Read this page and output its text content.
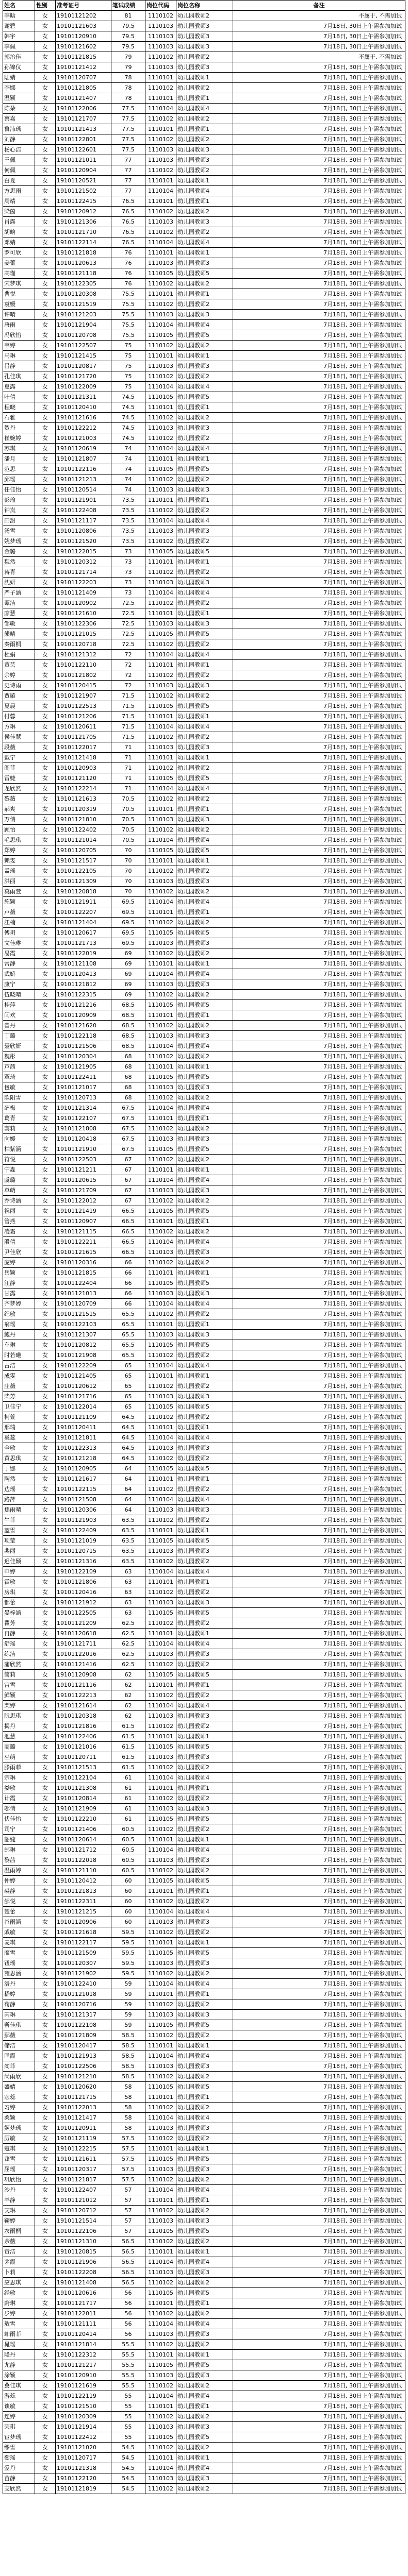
姓名	性别	准考证号	笔试成绩	岗位代码	岗位名称	备注
李晗	女	19101121202	81	1110102	幼儿园教师2	不属于, 不需加试
谢碧	女	19101121603	79.5	1110103	幼儿园教师3	7月18日, 30日上午需参加加试
韩宇	女	19101120910	79.5	1110103	幼儿园教师3	7月18日, 30日上午需参加加试
李佩	女	19101121602	79.5	1110103	幼儿园教师3	7月18日, 30日上午需参加加试
郭治佳	女	19101121815	79	1110102	幼儿园教师2	不属于, 不需加试
孙锦仪	女	19101121412	79	1110103	幼儿园教师3	7月18日, 30日上午需参加加试
陆婧	女	19101120707	78	1110101	幼儿园教师1	7月18日, 30日上午需参加加试
李娜	女	19101121805	78	1110102	幼儿园教师2	7月18日, 30日上午需参加加试
温颖	女	19101121407	78	1110101	幼儿园教师1	7月18日, 30日上午需参加加试
陈朵	女	19101122006	77.5	1110104	幼儿园教师4	7月18日, 30日上午需参加加试
蔡嘉	女	19101121707	77.5	1110102	幼儿园教师2	7月18日, 30日上午需参加加试
鲁沛瑶	女	19101121413	77.5	1110101	幼儿园教师1	7月18日, 30日上午需参加加试
刘静	女	19101122801	77.5	1110102	幼儿园教师2	7月18日, 30日上午需参加加试
杨心洁	女	19101122601	77.5	1110103	幼儿园教师3	7月18日, 30日上午需参加加试
王佩	女	19101121011	77	1110103	幼儿园教师3	7月18日, 30日上午需参加加试
何佩	女	19101120904	77	1110102	幼儿园教师2	7月18日, 30日上午需参加加试
白夏	女	19101120521	77	1110101	幼儿园教师1	7月18日, 30日上午需参加加试
方思雨	女	19101121502	77	1110104	幼儿园教师4	7月18日, 30日上午需参加加试
周靖	女	19101122415	76.5	1110101	幼儿园教师1	7月18日, 30日上午需参加加试
梁茵	女	19101120912	76.5	1110102	幼儿园教师2	7月18日, 30日上午需参加加试
肖露	女	19101121306	76.5	1110103	幼儿园教师3	7月18日, 30日上午需参加加试
胡晗	女	19101121710	76.5	1110102	幼儿园教师2	7月18日, 30日上午需参加加试
邓婧	女	19101122114	76.5	1110104	幼儿园教师4	7月18日, 30日上午需参加加试
罗可欣	女	19101121818	76	1110101	幼儿园教师1	7月18日, 30日上午需参加加试
姜蕾	女	19101120613	76	1110103	幼儿园教师3	7月18日, 30日上午需参加加试
高瑾	女	19101121118	76	1110105	幼儿园教师5	7月18日, 30日上午需参加加试
宋梦琪	女	19101122305	76	1110102	幼儿园教师2	7月18日, 30日上午需参加加试
曹悦	女	19101120308	75.5	1110101	幼儿园教师1	7月18日, 30日上午需参加加试
袁媛	女	19101121519	75.5	1110102	幼儿园教师2	7月18日, 30日上午需参加加试
许晴	女	19101121203	75.5	1110103	幼儿园教师3	7月18日, 30日上午需参加加试
唐雨	女	19101121904	75.5	1110104	幼儿园教师4	7月18日, 30日上午需参加加试
冯欣怡	女	19101120708	75.5	1110105	幼儿园教师5	7月18日, 30日上午需参加加试
韦婷	女	19101122507	75	1110102	幼儿园教师2	7月18日, 30日上午需参加加试
马琳	女	19101121415	75	1110101	幼儿园教师1	7月18日, 30日上午需参加加试
吕静	女	19101120817	75	1110103	幼儿园教师3	7月18日, 30日上午需参加加试
孔佳琪	女	19101121720	75	1110102	幼儿园教师2	7月18日, 30日上午需参加加试
夏露	女	19101122009	75	1110104	幼儿园教师4	7月18日, 30日上午需参加加试
叶倩	女	19101121311	74.5	1110105	幼儿园教师5	7月18日, 30日上午需参加加试
程晓	女	19101120410	74.5	1110101	幼儿园教师1	7月18日, 30日上午需参加加试
石雅	女	19101121616	74.5	1110102	幼儿园教师2	7月18日, 30日上午需参加加试
贺丹	女	19101122212	74.5	1110103	幼儿园教师3	7月18日, 30日上午需参加加试
崔婉婷	女	19101121003	74.5	1110102	幼儿园教师2	7月18日, 30日上午需参加加试
苏琪	女	19101120619	74	1110104	幼儿园教师4	7月18日, 30日上午需参加加试
潘月	女	19101121807	74	1110101	幼儿园教师1	7月18日, 30日上午需参加加试
范思	女	19101122116	74	1110105	幼儿园教师5	7月18日, 30日上午需参加加试
邱瑶	女	19101121213	74	1110102	幼儿园教师2	7月18日, 30日上午需参加加试
任佳怡	女	19101120514	74	1110103	幼儿园教师3	7月18日, 30日上午需参加加试
彭瑜	女	19101121901	73.5	1110101	幼儿园教师1	7月18日, 30日上午需参加加试
钟岚	女	19101122408	73.5	1110102	幼儿园教师2	7月18日, 30日上午需参加加试
田甜	女	19101121117	73.5	1110104	幼儿园教师4	7月18日, 30日上午需参加加试
汤雪	女	19101120806	73.5	1110103	幼儿园教师3	7月18日, 30日上午需参加加试
姚梦瑶	女	19101121520	73.5	1110102	幼儿园教师2	7月18日, 30日上午需参加加试
金璐	女	19101122015	73	1110105	幼儿园教师5	7月18日, 30日上午需参加加试
魏然	女	19101120312	73	1110101	幼儿园教师1	7月18日, 30日上午需参加加试
蒋青	女	19101121714	73	1110102	幼儿园教师2	7月18日, 30日上午需参加加试
沈妍	女	19101122203	73	1110103	幼儿园教师3	7月18日, 30日上午需参加加试
严子涵	女	19101121409	73	1110104	幼儿园教师4	7月18日, 30日上午需参加加试
谭洁	女	19101120902	72.5	1110102	幼儿园教师2	7月18日, 30日上午需参加加试
廖慧	女	19101121610	72.5	1110101	幼儿园教师1	7月18日, 30日上午需参加加试
邹敏	女	19101122306	72.5	1110103	幼儿园教师3	7月18日, 30日上午需参加加试
熊晴	女	19101121015	72.5	1110105	幼儿园教师5	7月18日, 30日上午需参加加试
秦雨桐	女	19101120718	72.5	1110102	幼儿园教师2	7月18日, 30日上午需参加加试
杜娟	女	19101121312	72	1110104	幼儿园教师4	7月18日, 30日上午需参加加试
董芸	女	19101122110	72	1110101	幼儿园教师1	7月18日, 30日上午需参加加试
余婷	女	19101121802	72	1110102	幼儿园教师2	7月18日, 30日上午需参加加试
史诗雨	女	19101120415	72	1110103	幼儿园教师3	7月18日, 30日上午需参加加试
贾璇	女	19101121907	71.5	1110102	幼儿园教师2	7月18日, 30日上午需参加加试
夏晨	女	19101122513	71.5	1110105	幼儿园教师5	7月18日, 30日上午需参加加试
付蓉	女	19101121206	71.5	1110101	幼儿园教师1	7月18日, 30日上午需参加加试
方琳	女	19101120611	71.5	1110104	幼儿园教师4	7月18日, 30日上午需参加加试
侯佳慧	女	19101121705	71.5	1110102	幼儿园教师2	7月18日, 30日上午需参加加试
段薇	女	19101122017	71	1110103	幼儿园教师3	7月18日, 30日上午需参加加试
戴宁	女	19101121418	71	1110101	幼儿园教师1	7月18日, 30日上午需参加加试
阎菲	女	19101120903	71	1110102	幼儿园教师2	7月18日, 30日上午需参加加试
雷婕	女	19101121120	71	1110105	幼儿园教师5	7月18日, 30日上午需参加加试
龙欣然	女	19101122214	71	1110104	幼儿园教师4	7月18日, 30日上午需参加加试
黎薇	女	19101121613	70.5	1110102	幼儿园教师2	7月18日, 30日上午需参加加试
郝爽	女	19101120319	70.5	1110101	幼儿园教师1	7月18日, 30日上午需参加加试
万倩	女	19101121810	70.5	1110103	幼儿园教师3	7月18日, 30日上午需参加加试
顾怡	女	19101122402	70.5	1110102	幼儿园教师2	7月18日, 30日上午需参加加试
毛思琪	女	19101121014	70.5	1110104	幼儿园教师4	7月18日, 30日上午需参加加试
郑婷	女	19101120705	70	1110105	幼儿园教师5	7月18日, 30日上午需参加加试
赖雯	女	19101121517	70	1110101	幼儿园教师1	7月18日, 30日上午需参加加试
孟瑶	女	19101122105	70	1110102	幼儿园教师2	7月18日, 30日上午需参加加试
洪丽	女	19101121309	70	1110103	幼儿园教师3	7月18日, 30日上午需参加加试
莫雨萱	女	19101120818	70	1110102	幼儿园教师2	7月18日, 30日上午需参加加试
施颖	女	19101121911	69.5	1110104	幼儿园教师4	7月18日, 30日上午需参加加试
卢薇	女	19101122207	69.5	1110101	幼儿园教师1	7月18日, 30日上午需参加加试
江楠	女	19101121404	69.5	1110102	幼儿园教师2	7月18日, 30日上午需参加加试
傅玥	女	19101120617	69.5	1110105	幼儿园教师5	7月18日, 30日上午需参加加试
文佳琳	女	19101121713	69.5	1110103	幼儿园教师3	7月18日, 30日上午需参加加试
易霞	女	19101122019	69	1110102	幼儿园教师2	7月18日, 30日上午需参加加试
常静	女	19101121108	69	1110101	幼儿园教师1	7月18日, 30日上午需参加加试
武娇	女	19101120413	69	1110104	幼儿园教师4	7月18日, 30日上午需参加加试
康宁	女	19101121812	69	1110103	幼儿园教师3	7月18日, 30日上午需参加加试
伍晓晴	女	19101122315	69	1110102	幼儿园教师2	7月18日, 30日上午需参加加试
桂萍	女	19101121216	68.5	1110105	幼儿园教师5	7月18日, 30日上午需参加加试
闫欢	女	19101120909	68.5	1110101	幼儿园教师1	7月18日, 30日上午需参加加试
曾丹	女	19101121620	68.5	1110102	幼儿园教师2	7月18日, 30日上午需参加加试
丁璐	女	19101122118	68.5	1110103	幼儿园教师3	7月18日, 30日上午需参加加试
聂欣妍	女	19101121506	68.5	1110104	幼儿园教师4	7月18日, 30日上午需参加加试
魏彤	女	19101120304	68	1110102	幼儿园教师2	7月18日, 30日上午需参加加试
芦茜	女	19101121905	68	1110101	幼儿园教师1	7月18日, 30日上午需参加加试
覃琦	女	19101122411	68	1110105	幼儿园教师5	7月18日, 30日上午需参加加试
包敏	女	19101121017	68	1110103	幼儿园教师3	7月18日, 30日上午需参加加试
欧阳雪	女	19101120713	68	1110102	幼儿园教师2	7月18日, 30日上午需参加加试
薛梅	女	19101121314	67.5	1110104	幼儿园教师4	7月18日, 30日上午需参加加试
葛青	女	19101122107	67.5	1110101	幼儿园教师1	7月18日, 30日上午需参加加试
窦莉	女	19101121808	67.5	1110102	幼儿园教师2	7月18日, 30日上午需参加加试
向媛	女	19101120418	67.5	1110103	幼儿园教师3	7月18日, 30日上午需参加加试
柏紫涵	女	19101121910	67.5	1110105	幼儿园教师5	7月18日, 30日上午需参加加试
符悦	女	19101122503	67	1110102	幼儿园教师2	7月18日, 30日上午需参加加试
宁淼	女	19101121211	67	1110101	幼儿园教师1	7月18日, 30日上午需参加加试
虞璐	女	19101120615	67	1110104	幼儿园教师4	7月18日, 30日上午需参加加试
单萌	女	19101121709	67	1110103	幼儿园教师3	7月18日, 30日上午需参加加试
乔诗涵	女	19101122012	67	1110102	幼儿园教师2	7月18日, 30日上午需参加加试
祝丽	女	19101121419	66.5	1110105	幼儿园教师5	7月18日, 30日上午需参加加试
管燕	女	19101120907	66.5	1110101	幼儿园教师1	7月18日, 30日上午需参加加试
凌霜	女	19101121115	66.5	1110102	幼儿园教师2	7月18日, 30日上午需参加加试
殷倩	女	19101122211	66.5	1110104	幼儿园教师4	7月18日, 30日上午需参加加试
尹佳欣	女	19101121615	66.5	1110103	幼儿园教师3	7月18日, 30日上午需参加加试
庞婷	女	19101120316	66	1110102	幼儿园教师2	7月18日, 30日上午需参加加试
岳颖	女	19101121815	66	1110101	幼儿园教师1	7月18日, 30日上午需参加加试
汪静	女	19101122404	66	1110105	幼儿园教师5	7月18日, 30日上午需参加加试
甘露	女	19101121013	66	1110103	幼儿园教师3	7月18日, 30日上午需参加加试
齐梦婷	女	19101120709	66	1110104	幼儿园教师4	7月18日, 30日上午需参加加试
纪敏	女	19101121515	65.5	1110102	幼儿园教师2	7月18日, 30日上午需参加加试
翁瑶	女	19101122103	65.5	1110101	幼儿园教师1	7月18日, 30日上午需参加加试
鲍丹	女	19101121307	65.5	1110103	幼儿园教师3	7月18日, 30日上午需参加加试
车琳	女	19101120812	65.5	1110105	幼儿园教师5	7月18日, 30日上午需参加加试
时若曦	女	19101121908	65.5	1110102	幼儿园教师2	7月18日, 30日上午需参加加试
古洁	女	19101122209	65	1110104	幼儿园教师4	7月18日, 30日上午需参加加试
成雯	女	19101121405	65	1110101	幼儿园教师1	7月18日, 30日上午需参加加试
庄薇	女	19101120612	65	1110102	幼儿园教师2	7月18日, 30日上午需参加加试
柴芳	女	19101121716	65	1110103	幼儿园教师3	7月18日, 30日上午需参加加试
卫佳宁	女	19101122014	65	1110105	幼儿园教师5	7月18日, 30日上午需参加加试
柯萱	女	19101121109	64.5	1110102	幼儿园教师2	7月18日, 30日上午需参加加试
邢瑞	女	19101120411	64.5	1110101	幼儿园教师1	7月18日, 30日上午需参加加试
奚蕊	女	19101121811	64.5	1110104	幼儿园教师4	7月18日, 30日上午需参加加试
全敏	女	19101122313	64.5	1110103	幼儿园教师3	7月18日, 30日上午需参加加试
黄思琪	女	19101121218	64.5	1110102	幼儿园教师2	7月18日, 30日上午需参加加试
于娜	女	19101120905	64	1110105	幼儿园教师5	7月18日, 30日上午需参加加试
陶然	女	19101121617	64	1110101	幼儿园教师1	7月18日, 30日上午需参加加试
边瑶	女	19101122115	64	1110102	幼儿园教师2	7月18日, 30日上午需参加加试
路萍	女	19101121508	64	1110104	幼儿园教师4	7月18日, 30日上午需参加加试
焦雨晴	女	19101120306	64	1110103	幼儿园教师3	7月18日, 30日上午需参加加试
牛菲	女	19101121903	63.5	1110102	幼儿园教师2	7月18日, 30日上午需参加加试
蓝雪	女	19101122409	63.5	1110101	幼儿园教师1	7月18日, 30日上午需参加加试
项莹	女	19101121019	63.5	1110105	幼儿园教师5	7月18日, 30日上午需参加加试
裴丽	女	19101120715	63.5	1110103	幼儿园教师3	7月18日, 30日上午需参加加试
迟佳颖	女	19101121316	63.5	1110102	幼儿园教师2	7月18日, 30日上午需参加加试
申婷	女	19101122109	63	1110104	幼儿园教师4	7月18日, 30日上午需参加加试
霍敏	女	19101121806	63	1110101	幼儿园教师1	7月18日, 30日上午需参加加试
房琪	女	19101120416	63	1110102	幼儿园教师2	7月18日, 30日上午需参加加试
都蕾	女	19101121912	63	1110103	幼儿园教师3	7月18日, 30日上午需参加加试
晏梓涵	女	19101122505	63	1110105	幼儿园教师5	7月18日, 30日上午需参加加试
瞿芳	女	19101121209	62.5	1110102	幼儿园教师2	7月18日, 30日上午需参加加试
冉静	女	19101120618	62.5	1110101	幼儿园教师1	7月18日, 30日上午需参加加试
舒瑶	女	19101121711	62.5	1110104	幼儿园教师4	7月18日, 30日上午需参加加试
练洁	女	19101122016	62.5	1110103	幼儿园教师3	7月18日, 30日上午需参加加试
蒲欣然	女	19101121416	62.5	1110102	幼儿园教师2	7月18日, 30日上午需参加加试
简莉	女	19101120908	62	1110105	幼儿园教师5	7月18日, 30日上午需参加加试
宫雪	女	19101121116	62	1110101	幼儿园教师1	7月18日, 30日上午需参加加试
鲜颖	女	19101122213	62	1110102	幼儿园教师2	7月18日, 30日上午需参加加试
栾婷	女	19101121614	62	1110104	幼儿园教师4	7月18日, 30日上午需参加加试
阮思琪	女	19101120318	62	1110103	幼儿园教师3	7月18日, 30日上午需参加加试
揭丹	女	19101121816	61.5	1110102	幼儿园教师2	7月18日, 30日上午需参加加试
池慧	女	19101122406	61.5	1110101	幼儿园教师1	7月18日, 30日上午需参加加试
商璐	女	19101121016	61.5	1110105	幼儿园教师5	7月18日, 30日上午需参加加试
巫萌	女	19101120711	61.5	1110103	幼儿园教师3	7月18日, 30日上午需参加加试
滕雨菲	女	19101121513	61.5	1110102	幼儿园教师2	7月18日, 30日上午需参加加试
宗琳	女	19101122104	61	1110104	幼儿园教师4	7月18日, 30日上午需参加加试
娄敏	女	19101121308	61	1110101	幼儿园教师1	7月18日, 30日上午需参加加试
计霞	女	19101120814	61	1110102	幼儿园教师2	7月18日, 30日上午需参加加试
邬倩	女	19101121909	61	1110103	幼儿园教师3	7月18日, 30日上午需参加加试
伏佳怡	女	19101122210	61	1110105	幼儿园教师5	7月18日, 30日上午需参加加试
司宁	女	19101121406	60.5	1110102	幼儿园教师2	7月18日, 30日上午需参加加试
韶婕	女	19101120614	60.5	1110101	幼儿园教师1	7月18日, 30日上午需参加加试
郜琳	女	19101121712	60.5	1110104	幼儿园教师4	7月18日, 30日上午需参加加试
黎茜	女	19101122018	60.5	1110103	幼儿园教师3	7月18日, 30日上午需参加加试
温雨婷	女	19101121110	60.5	1110102	幼儿园教师2	7月18日, 30日上午需参加加试
仲婷	女	19101120412	60	1110105	幼儿园教师5	7月18日, 30日上午需参加加试
裘静	女	19101121813	60	1110101	幼儿园教师1	7月18日, 30日上午需参加加试
邰悦	女	19101122311	60	1110102	幼儿园教师2	7月18日, 30日上午需参加加试
楚蕾	女	19101121215	60	1110104	幼儿园教师4	7月18日, 30日上午需参加加试
谷雨涵	女	19101120906	60	1110103	幼儿园教师3	7月18日, 30日上午需参加加试
戚敏	女	19101121618	59.5	1110102	幼儿园教师2	7月18日, 30日上午需参加加试
麦琪	女	19101122117	59.5	1110101	幼儿园教师1	7月18日, 30日上午需参加加试
糜雪	女	19101121509	59.5	1110105	幼儿园教师5	7月18日, 30日上午需参加加试
钮瑶	女	19101120307	59.5	1110103	幼儿园教师3	7月18日, 30日上午需参加加试
雍思涵	女	19101121902	59.5	1110102	幼儿园教师2	7月18日, 30日上午需参加加试
洛丹	女	19101122410	59	1110104	幼儿园教师4	7月18日, 30日上午需参加加试
嵇婷	女	19101121018	59	1110101	幼儿园教师1	7月18日, 30日上午需参加加试
荀静	女	19101120716	59	1110102	幼儿园教师2	7月18日, 30日上午需参加加试
芮琳	女	19101121317	59	1110103	幼儿园教师3	7月18日, 30日上午需参加加试
靳佳琪	女	19101122108	59	1110105	幼儿园教师5	7月18日, 30日上午需参加加试
鄢薇	女	19101121809	58.5	1110102	幼儿园教师2	7月18日, 30日上午需参加加试
储洁	女	19101120417	58.5	1110101	幼儿园教师1	7月18日, 30日上午需参加加试
匡霞	女	19101121913	58.5	1110104	幼儿园教师4	7月18日, 30日上午需参加加试
蔺菲	女	19101122506	58.5	1110103	幼儿园教师3	7月18日, 30日上午需参加加试
尚雨欣	女	19101121210	58.5	1110102	幼儿园教师2	7月18日, 30日上午需参加加试
盛婧	女	19101120620	58	1110105	幼儿园教师5	7月18日, 30日上午需参加加试
宓蕊	女	19101121715	58	1110101	幼儿园教师1	7月18日, 30日上午需参加加试
习婷	女	19101122013	58	1110102	幼儿园教师2	7月18日, 30日上午需参加加试
桑颖	女	19101121417	58	1110104	幼儿园教师4	7月18日, 30日上午需参加加试
姬梦瑶	女	19101120911	58	1110103	幼儿园教师3	7月18日, 30日上午需参加加试
厉敏	女	19101121119	57.5	1110102	幼儿园教师2	7月18日, 30日上午需参加加试
寇琪	女	19101122215	57.5	1110101	幼儿园教师1	7月18日, 30日上午需参加加试
蓬雪	女	19101121611	57.5	1110105	幼儿园教师5	7月18日, 30日上午需参加加试
屈瑶	女	19101120317	57.5	1110103	幼儿园教师3	7月18日, 30日上午需参加加试
巩欣怡	女	19101121817	57.5	1110102	幼儿园教师2	7月18日, 30日上午需参加加试
沙丹	女	19101122407	57	1110104	幼儿园教师4	7月18日, 30日上午需参加加试
羊静	女	19101121012	57	1110101	幼儿园教师1	7月18日, 30日上午需参加加试
艾琳	女	19101120712	57	1110102	幼儿园教师2	7月18日, 30日上午需参加加试
鞠婷	女	19101121514	57	1110103	幼儿园教师3	7月18日, 30日上午需参加加试
农雨桐	女	19101122106	57	1110105	幼儿园教师5	7月18日, 30日上午需参加加试
佘薇	女	19101121310	56.5	1110102	幼儿园教师2	7月18日, 30日上午需参加加试
贲洁	女	19101120815	56.5	1110101	幼儿园教师1	7月18日, 30日上午需参加加试
茅霞	女	19101121906	56.5	1110104	幼儿园教师4	7月18日, 30日上午需参加加试
卜莉	女	19101122208	56.5	1110103	幼儿园教师3	7月18日, 30日上午需参加加试
应思琪	女	19101121408	56.5	1110102	幼儿园教师2	7月18日, 30日上午需参加加试
经敏	女	19101120616	56	1110105	幼儿园教师5	7月18日, 30日上午需参加加试
蔚琳	女	19101121717	56	1110101	幼儿园教师1	7月18日, 30日上午需参加加试
步婷	女	19101122011	56	1110102	幼儿园教师2	7月18日, 30日上午需参加加试
敖雪	女	19101121111	56	1110104	幼儿园教师4	7月18日, 30日上午需参加加试
却雨菲	女	19101120414	56	1110103	幼儿园教师3	7月18日, 30日上午需参加加试
晁瑶	女	19101121814	55.5	1110102	幼儿园教师2	7月18日, 30日上午需参加加试
隆丹	女	19101122312	55.5	1110101	幼儿园教师1	7月18日, 30日上午需参加加试
尤静	女	19101121217	55.5	1110105	幼儿园教师5	7月18日, 30日上午需参加加试
涂颖	女	19101120910	55.5	1110103	幼儿园教师3	7月18日, 30日上午需参加加试
冀佳琪	女	19101121619	55.5	1110102	幼儿园教师2	7月18日, 30日上午需参加加试
游蕊	女	19101122119	55	1110104	幼儿园教师4	7月18日, 30日上午需参加加试
谈敏	女	19101121510	55	1110101	幼儿园教师1	7月18日, 30日上午需参加加试
连婷	女	19101120309	55	1110102	幼儿园教师2	7月18日, 30日上午需参加加试
荣琪	女	19101121914	55	1110103	幼儿园教师3	7月18日, 30日上午需参加加试
宦梦瑶	女	19101122412	55	1110105	幼儿园教师5	7月18日, 30日上午需参加加试
缪雪	女	19101121020	54.5	1110102	幼儿园教师2	7月18日, 30日上午需参加加试
衡瑶	女	19101120717	54.5	1110101	幼儿园教师1	7月18日, 30日上午需参加加试
爱丹	女	19101121318	54.5	1110104	幼儿园教师4	7月18日, 30日上午需参加加试
苗静	女	19101122120	54.5	1110103	幼儿园教师3	7月18日, 30日上午需参加加试
支欣然	女	19101121819	54.5	1110102	幼儿园教师2	7月18日, 30日上午需参加加试
